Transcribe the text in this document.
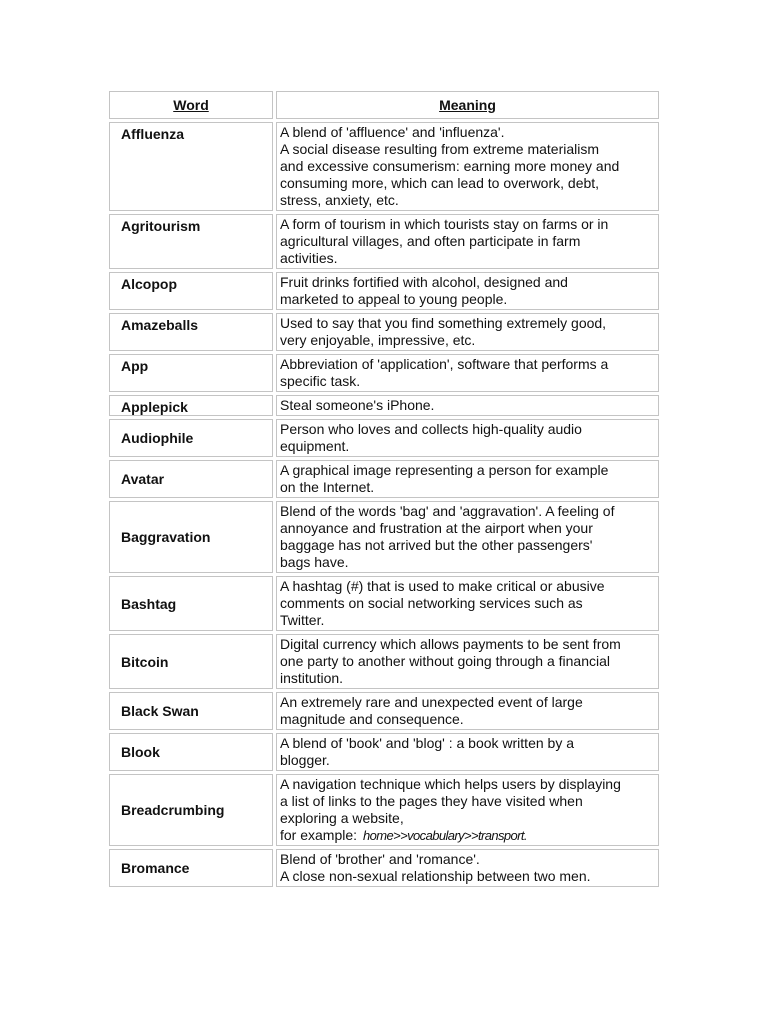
Word	Meaning
Affluenza	A blend of 'affluence' and 'influenza'.
A social disease resulting from extreme materialism
and excessive consumerism: earning more money and
consuming more, which can lead to overwork, debt,
stress, anxiety, etc.

Agritourism	A form of tourism in which tourists stay on farms or in
agricultural villages, and often participate in farm
activities.

Alcopop	Fruit drinks fortified with alcohol, designed and
marketed to appeal to young people.

Amazeballs	Used to say that you find something extremely good,
very enjoyable, impressive, etc.

App	Abbreviation of 'application', software that performs a
specific task.

Applepick	Steal someone's iPhone.

Audiophile	Person who loves and collects high-quality audio
equipment.

Avatar	A graphical image representing a person for example
on the Internet.

Baggravation	Blend of the words 'bag' and 'aggravation'. A feeling of
annoyance and frustration at the airport when your
baggage has not arrived but the other passengers'
bags have.

Bashtag	A hashtag (#) that is used to make critical or abusive
comments on social networking services such as
Twitter.

Bitcoin	Digital currency which allows payments to be sent from
one party to another without going through a financial
institution.

Black Swan	An extremely rare and unexpected event of large
magnitude and consequence.

Blook	A blend of 'book' and 'blog' : a book written by a
blogger.

Breadcrumbing	A navigation technique which helps users by displaying
a list of links to the pages they have visited when
exploring a website,
for example: home>>vocabulary>>transport.

Bromance	Blend of 'brother' and 'romance'.
A close non-sexual relationship between two men.
